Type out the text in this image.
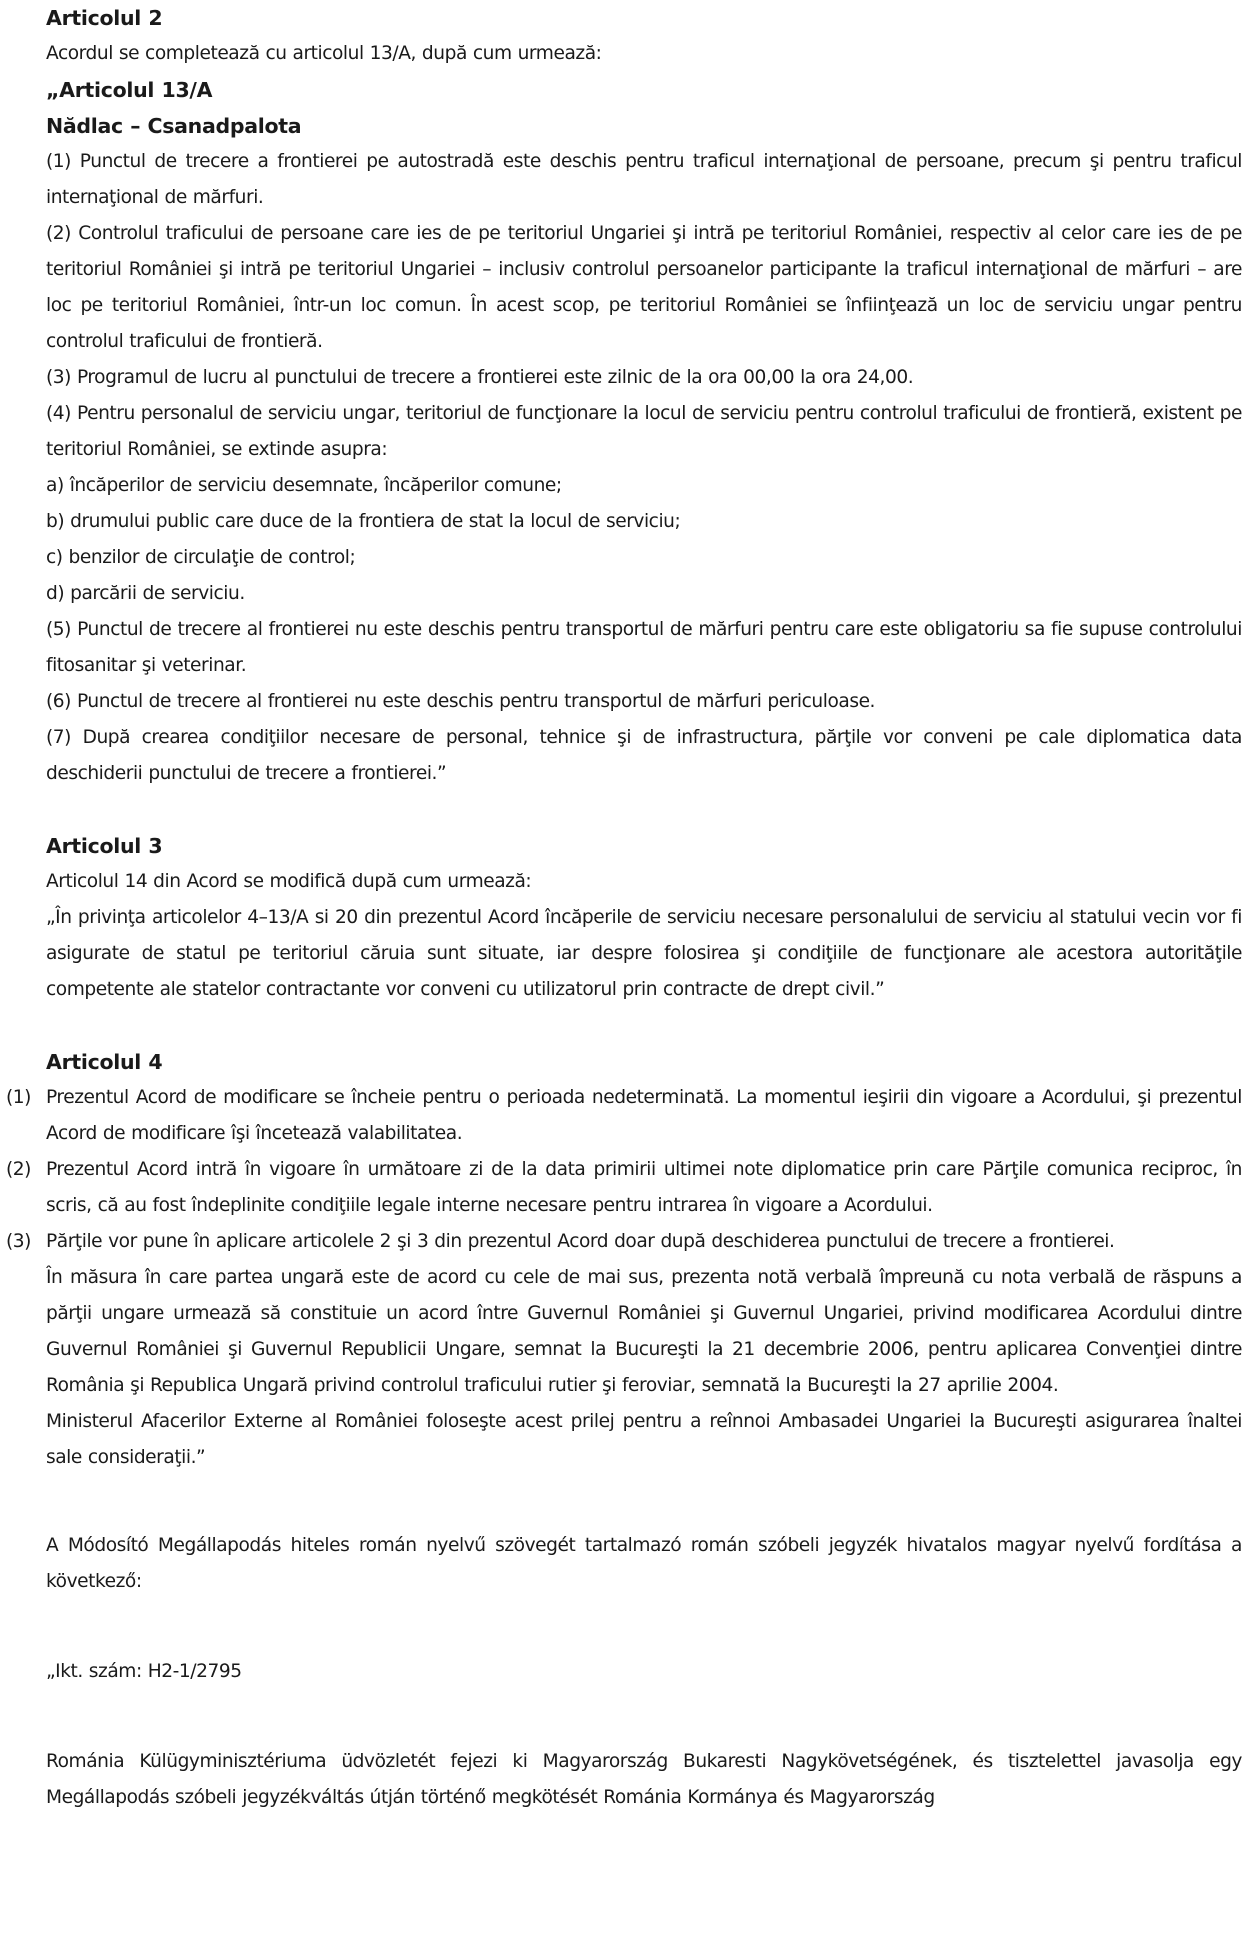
Articolul 2

Acordul se completează cu articolul 13/A, după cum urmează:

„Articolul 13/A

Nădlac – Csanadpalota

(1) Punctul de trecere a frontierei pe autostradă este deschis pentru traficul internaţional de persoane, precum şi pentru traficul internaţional de mărfuri.

(2) Controlul traficului de persoane care ies de pe teritoriul Ungariei şi intră pe teritoriul României, respectiv al celor care ies de pe teritoriul României şi intră pe teritoriul Ungariei – inclusiv controlul persoanelor participante la traficul internaţional de mărfuri – are loc pe teritoriul României, într-un loc comun. În acest scop, pe teritoriul României se înfiinţează un loc de serviciu ungar pentru controlul traficului de frontieră.

(3) Programul de lucru al punctului de trecere a frontierei este zilnic de la ora 00,00 la ora 24,00.

(4) Pentru personalul de serviciu ungar, teritoriul de funcţionare la locul de serviciu pentru controlul traficului de frontieră, existent pe teritoriul României, se extinde asupra:

a) încăperilor de serviciu desemnate, încăperilor comune;

b) drumului public care duce de la frontiera de stat la locul de serviciu;

c) benzilor de circulaţie de control;

d) parcării de serviciu.

(5) Punctul de trecere al frontierei nu este deschis pentru transportul de mărfuri pentru care este obligatoriu sa fie supuse controlului fitosanitar şi veterinar.

(6) Punctul de trecere al frontierei nu este deschis pentru transportul de mărfuri periculoase.

(7) După crearea condiţiilor necesare de personal, tehnice şi de infrastructura, părţile vor conveni pe cale diplomatica data deschiderii punctului de trecere a frontierei.”

Articolul 3

Articolul 14 din Acord se modifică după cum urmează:

„În privinţa articolelor 4–13/A si 20 din prezentul Acord încăperile de serviciu necesare personalului de serviciu al statului vecin vor fi asigurate de statul pe teritoriul căruia sunt situate, iar despre folosirea şi condiţiile de funcţionare ale acestora autorităţile competente ale statelor contractante vor conveni cu utilizatorul prin contracte de drept civil.”

Articolul 4

(1) Prezentul Acord de modificare se încheie pentru o perioada nedeterminată. La momentul ieşirii din vigoare a Acordului, şi prezentul Acord de modificare îşi încetează valabilitatea.

(2) Prezentul Acord intră în vigoare în următoare zi de la data primirii ultimei note diplomatice prin care Părţile comunica reciproc, în scris, că au fost îndeplinite condiţiile legale interne necesare pentru intrarea în vigoare a Acordului.

(3) Părţile vor pune în aplicare articolele 2 şi 3 din prezentul Acord doar după deschiderea punctului de trecere a frontierei.

În măsura în care partea ungară este de acord cu cele de mai sus, prezenta notă verbală împreună cu nota verbală de răspuns a părţii ungare urmează să constituie un acord între Guvernul României şi Guvernul Ungariei, privind modificarea Acordului dintre Guvernul României şi Guvernul Republicii Ungare, semnat la Bucureşti la 21 decembrie 2006, pentru aplicarea Convenţiei dintre România şi Republica Ungară privind controlul traficului rutier şi feroviar, semnată la Bucureşti la 27 aprilie 2004.

Ministerul Afacerilor Externe al României foloseşte acest prilej pentru a reînnoi Ambasadei Ungariei la Bucureşti asigurarea înaltei sale consideraţii.”

A Módosító Megállapodás hiteles román nyelvű szövegét tartalmazó román szóbeli jegyzék hivatalos magyar nyelvű fordítása a következő:

„Ikt. szám: H2-1/2795

Románia Külügyminisztériuma üdvözletét fejezi ki Magyarország Bukaresti Nagykövetségének, és tisztelettel javasolja egy Megállapodás szóbeli jegyzékváltás útján történő megkötését Románia Kormánya és Magyarország
